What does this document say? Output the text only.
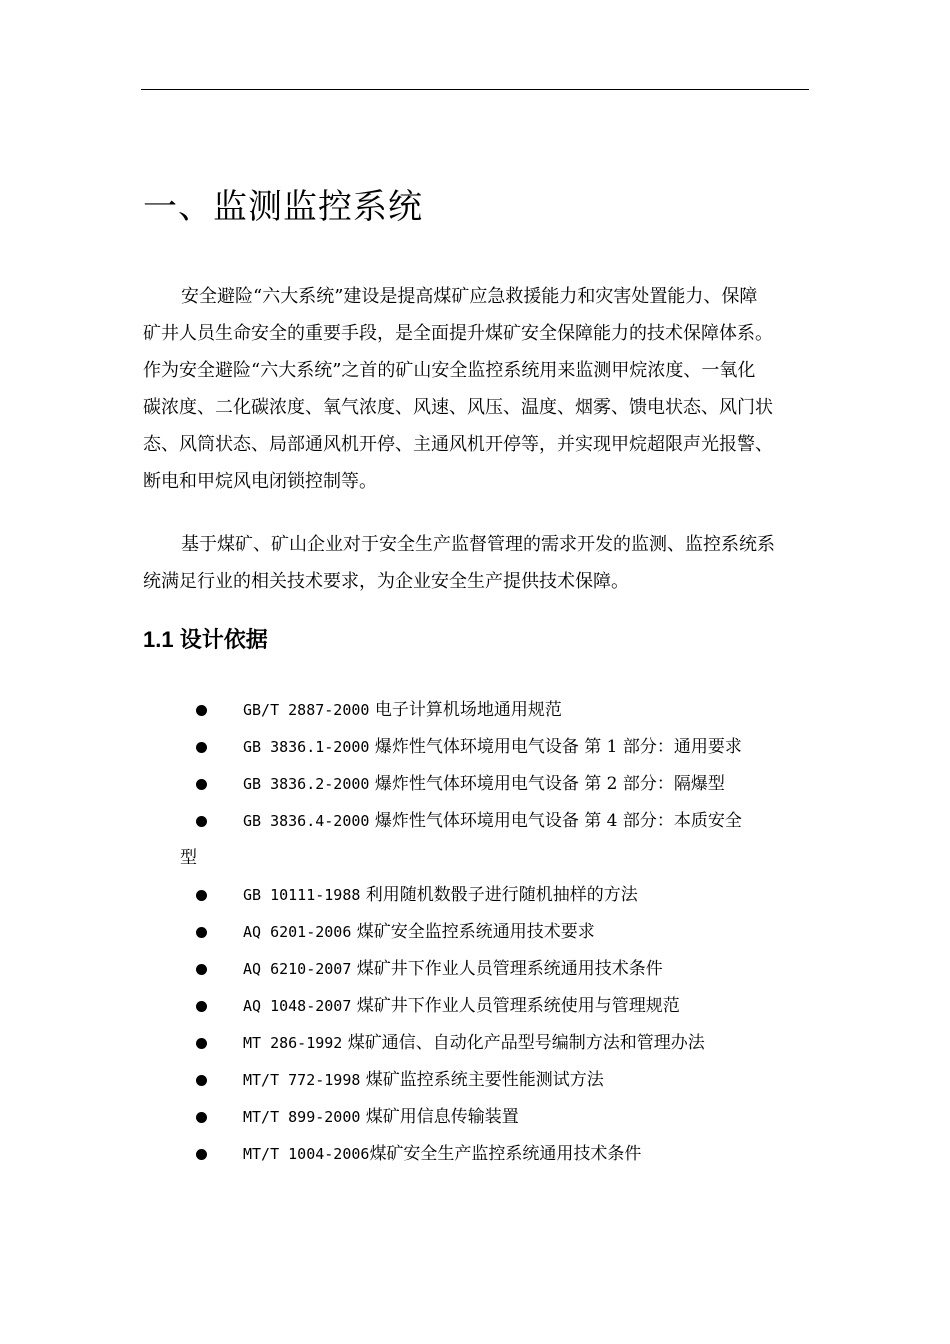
一、监测监控系统

安全避险“六大系统”建设是提高煤矿应急救援能力和灾害处置能力、保障
矿井人员生命安全的重要手段，是全面提升煤矿安全保障能力的技术保障体系。
作为安全避险“六大系统”之首的矿山安全监控系统用来监测甲烷浓度、一氧化
碳浓度、二化碳浓度、氧气浓度、风速、风压、温度、烟雾、馈电状态、风门状
态、风筒状态、局部通风机开停、主通风机开停等，并实现甲烷超限声光报警、
断电和甲烷风电闭锁控制等。

基于煤矿、矿山企业对于安全生产监督管理的需求开发的监测、监控系统系
统满足行业的相关技术要求，为企业安全生产提供技术保障。

1.1 设计依据
GB/T 2887-2000 电子计算机场地通用规范
GB 3836.1-2000 爆炸性气体环境用电气设备 第 1 部分：通用要求
GB 3836.2-2000 爆炸性气体环境用电气设备 第 2 部分：隔爆型
GB 3836.4-2000 爆炸性气体环境用电气设备 第 4 部分：本质安全
型
GB 10111-1988 利用随机数骰子进行随机抽样的方法
AQ 6201-2006 煤矿安全监控系统通用技术要求
AQ 6210-2007 煤矿井下作业人员管理系统通用技术条件
AQ 1048-2007 煤矿井下作业人员管理系统使用与管理规范
MT 286-1992 煤矿通信、自动化产品型号编制方法和管理办法
MT/T 772-1998 煤矿监控系统主要性能测试方法
MT/T 899-2000 煤矿用信息传输装置
MT/T 1004-2006煤矿安全生产监控系统通用技术条件
